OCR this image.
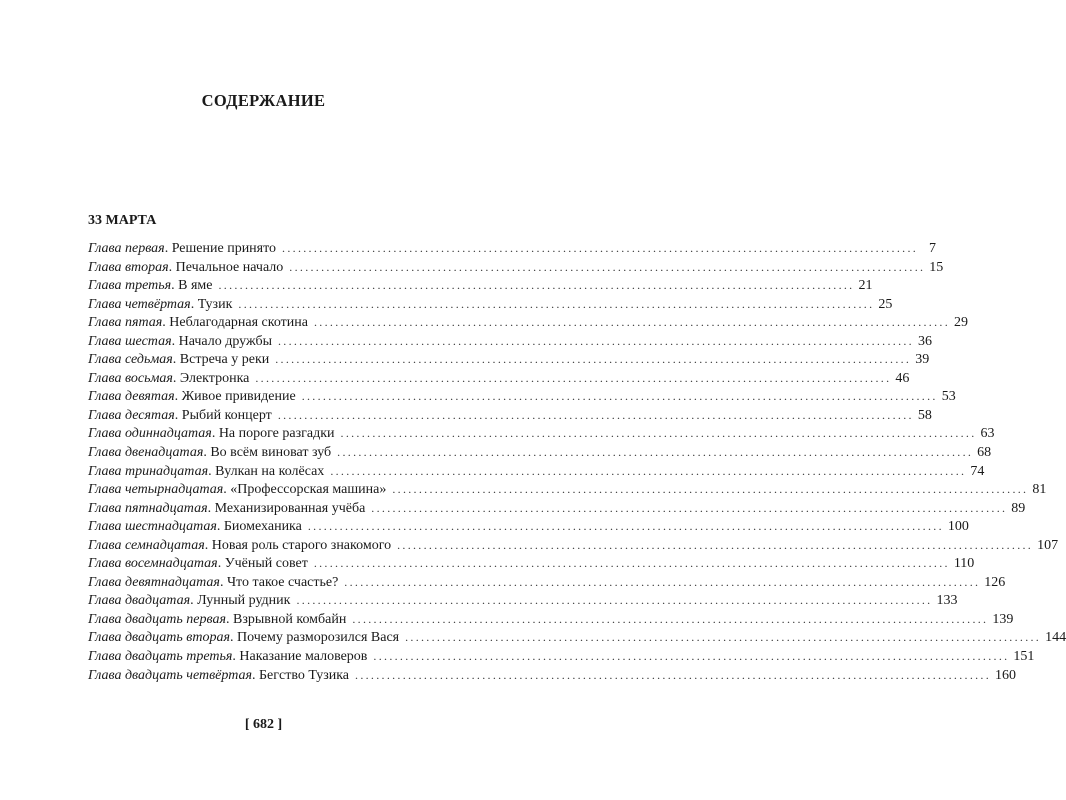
СОДЕРЖАНИЕ
33 МАРТА
Глава первая . Решение принято ........................................................................................................................ 7
Глава вторая . Печальное начало ........................................................................................................................ 15
Глава третья . В яме ........................................................................................................................ 21
Глава четвёртая . Тузик ........................................................................................................................ 25
Глава пятая . Неблагодарная скотина ........................................................................................................................ 29
Глава шестая . Начало дружбы ........................................................................................................................ 36
Глава седьмая . Встреча у реки ........................................................................................................................ 39
Глава восьмая . Электронка ........................................................................................................................ 46
Глава девятая . Живое привидение ........................................................................................................................ 53
Глава десятая . Рыбий концерт ........................................................................................................................ 58
Глава одиннадцатая . На пороге разгадки ........................................................................................................................ 63
Глава двенадцатая . Во всём виноват зуб ........................................................................................................................ 68
Глава тринадцатая . Вулкан на колёсах ........................................................................................................................ 74
Глава четырнадцатая . «Профессорская машина» ........................................................................................................................ 81
Глава пятнадцатая . Механизированная учёба ........................................................................................................................ 89
Глава шестнадцатая . Биомеханика ........................................................................................................................ 100
Глава семнадцатая . Новая роль старого знакомого ........................................................................................................................ 107
Глава восемнадцатая . Учёный совет ........................................................................................................................ 110
Глава девятнадцатая . Что такое счастье? ........................................................................................................................ 126
Глава двадцатая . Лунный рудник ........................................................................................................................ 133
Глава двадцать первая . Взрывной комбайн ........................................................................................................................ 139
Глава двадцать вторая . Почему разморозился Вася ........................................................................................................................ 144
Глава двадцать третья . Наказание маловеров ........................................................................................................................ 151
Глава двадцать четвёртая . Бегство Тузика ........................................................................................................................ 160
[ 682 ]
